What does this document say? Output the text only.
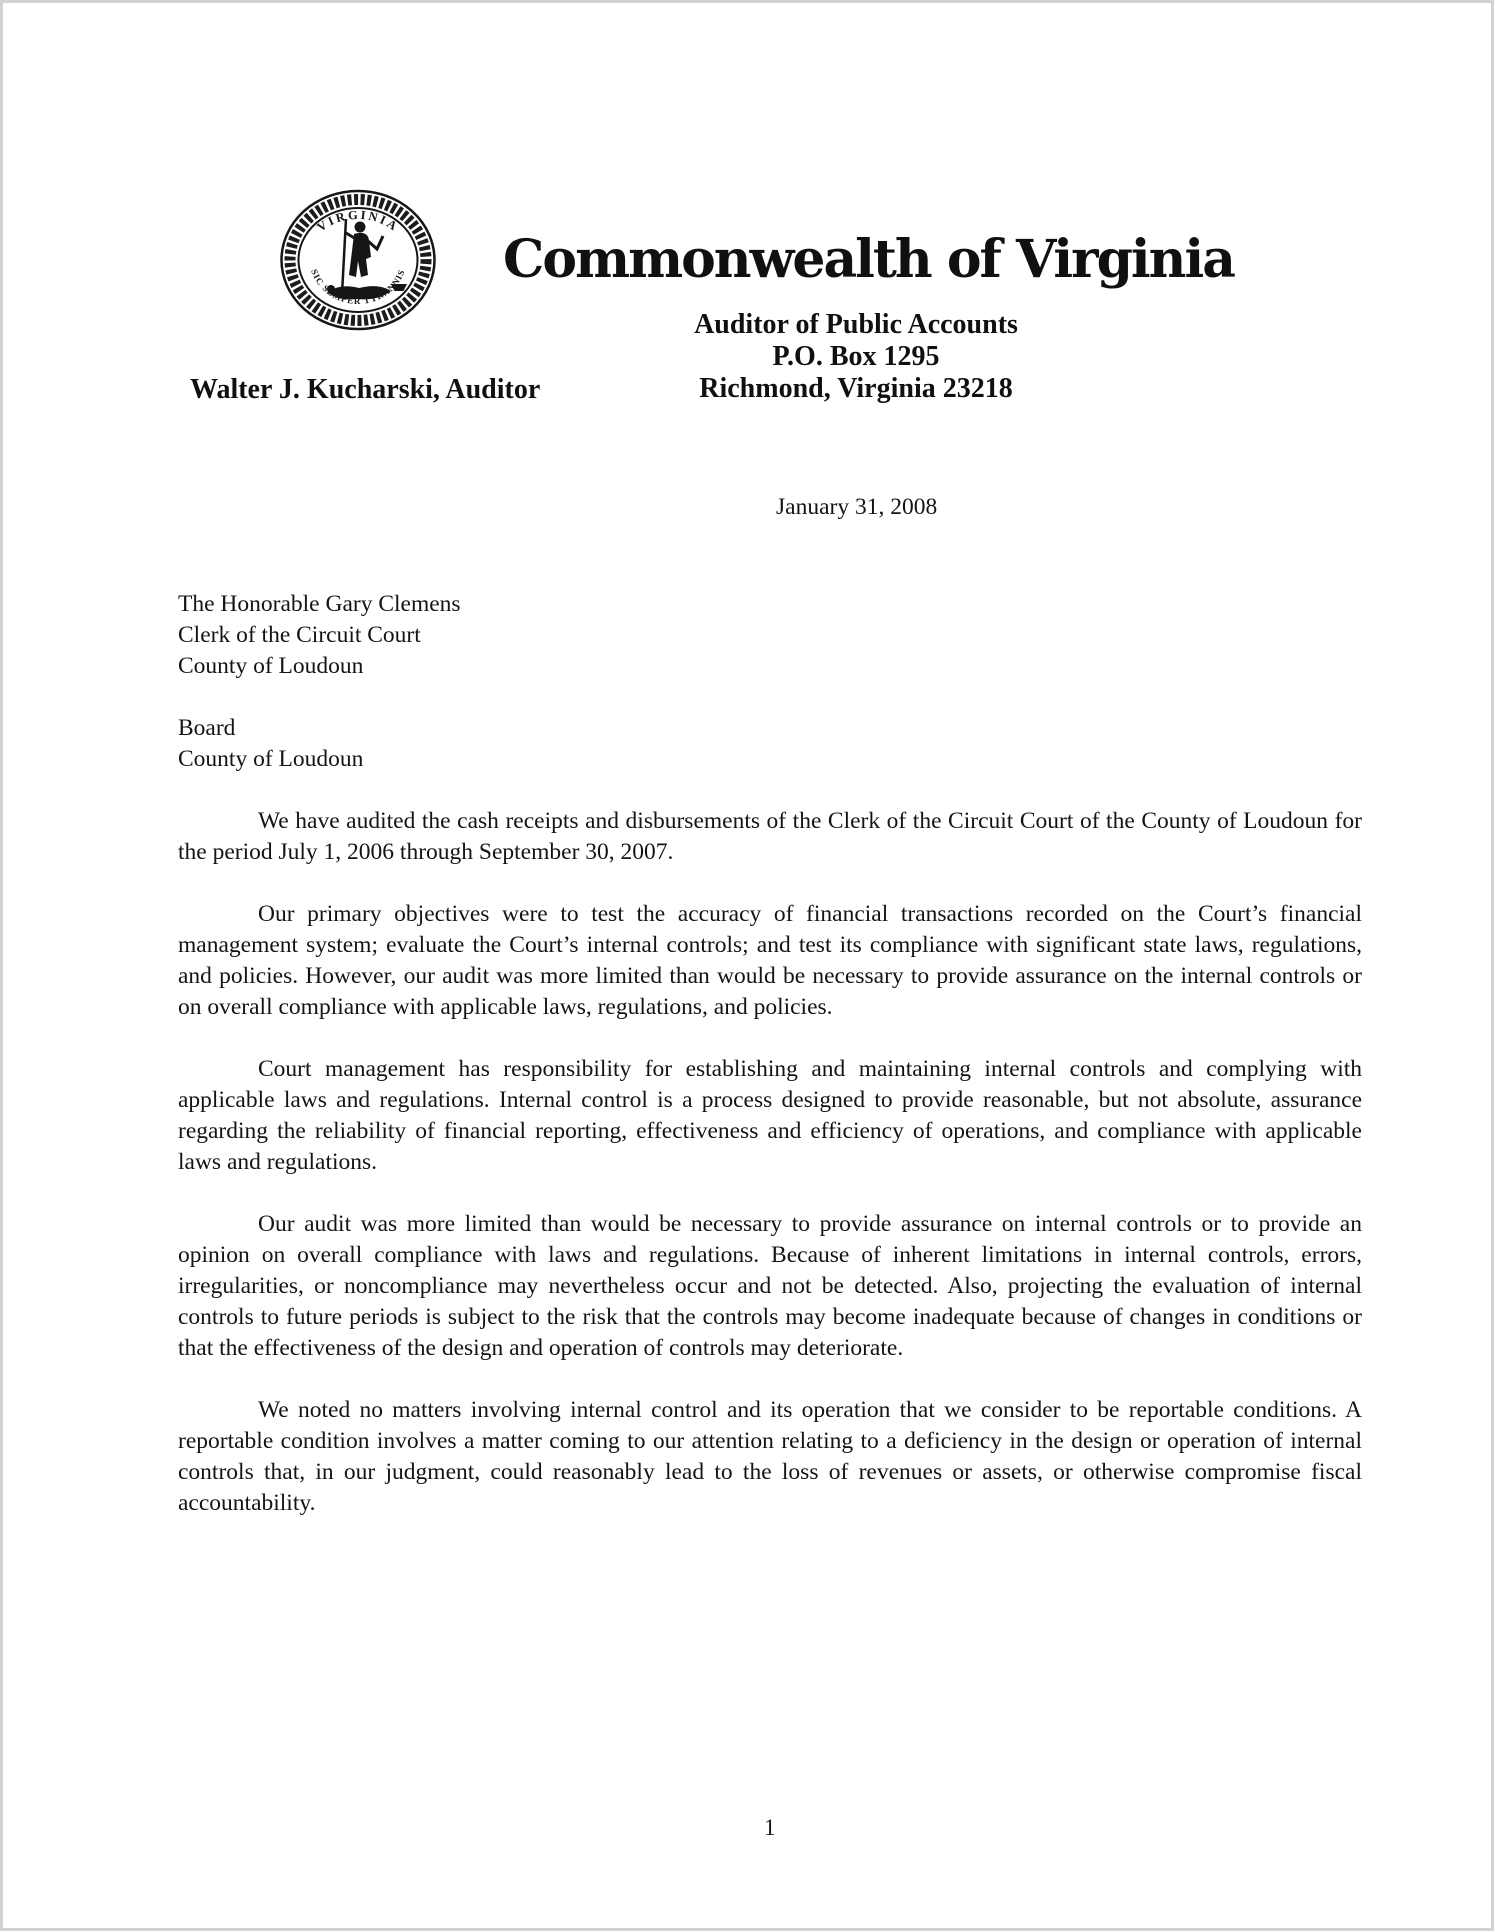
VIRGINIA
SIC SEMPER TYRANNIS Commonwealth of Virginia
Auditor of Public Accounts
P.O. Box 1295
Richmond, Virginia 23218
Walter J. Kucharski, Auditor
January 31, 2008
The Honorable Gary Clemens
Clerk of the Circuit Court
County of Loudoun
Board
County of Loudoun

We have audited the cash receipts and disbursements of the Clerk of the Circuit Court of the County of Loudoun for the period July 1, 2006 through September 30, 2007.

Our primary objectives were to test the accuracy of financial transactions recorded on the Court’s financial management system; evaluate the Court’s internal controls; and test its compliance with significant state laws, regulations, and policies. However, our audit was more limited than would be necessary to provide assurance on the internal controls or on overall compliance with applicable laws, regulations, and policies.

Court management has responsibility for establishing and maintaining internal controls and complying with applicable laws and regulations. Internal control is a process designed to provide reasonable, but not absolute, assurance regarding the reliability of financial reporting, effectiveness and efficiency of operations, and compliance with applicable laws and regulations.

Our audit was more limited than would be necessary to provide assurance on internal controls or to provide an opinion on overall compliance with laws and regulations. Because of inherent limitations in internal controls, errors, irregularities, or noncompliance may nevertheless occur and not be detected. Also, projecting the evaluation of internal controls to future periods is subject to the risk that the controls may become inadequate because of changes in conditions or that the effectiveness of the design and operation of controls may deteriorate.

We noted no matters involving internal control and its operation that we consider to be reportable conditions. A reportable condition involves a matter coming to our attention relating to a deficiency in the design or operation of internal controls that, in our judgment, could reasonably lead to the loss of revenues or assets, or otherwise compromise fiscal accountability.

1
